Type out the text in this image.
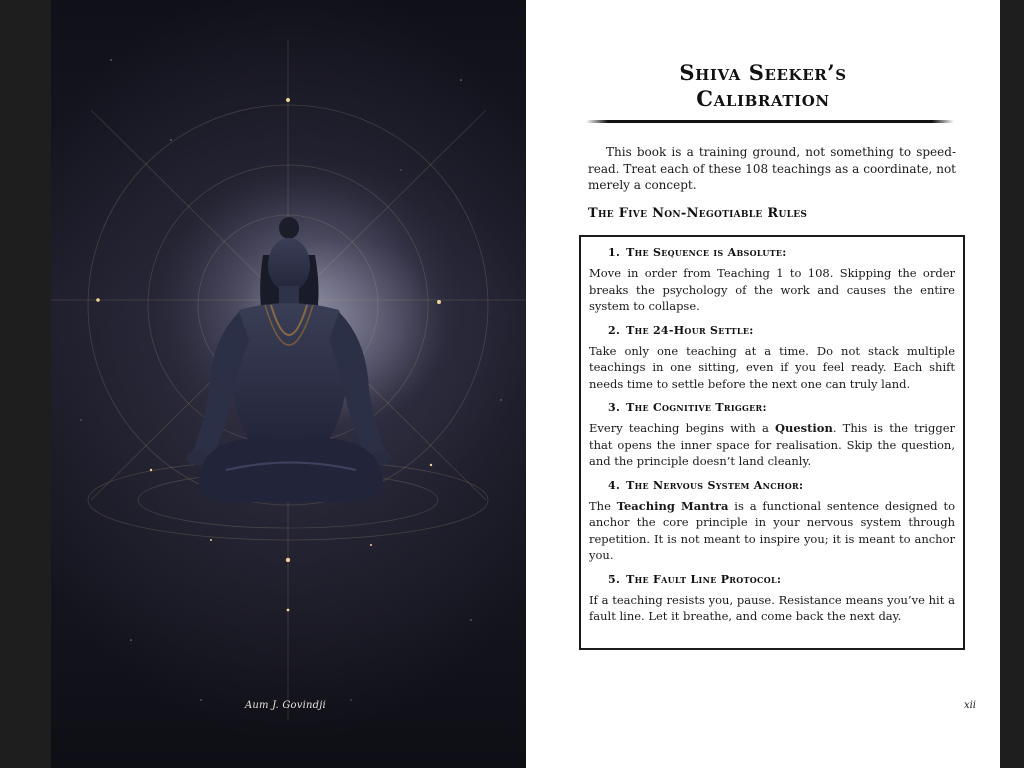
Aum J. Govindji
Shiva Seeker’s
Calibration

This book is a training ground, not something to speed-read. Treat each of these 108 teachings as a coordinate, not merely a concept.

The Five Non-Negotiable Rules
1. The Sequence is Absolute:

Move in order from Teaching 1 to 108. Skipping the order breaks the psychology of the work and causes the entire system to collapse.

2. The 24-Hour Settle:

Take only one teaching at a time. Do not stack multiple teachings in one sitting, even if you feel ready. Each shift needs time to settle before the next one can truly land.

3. The Cognitive Trigger:

Every teaching begins with a Question. This is the trigger that opens the inner space for realisation. Skip the question, and the principle doesn’t land cleanly.

4. The Nervous System Anchor:

The Teaching Mantra is a functional sentence designed to anchor the core principle in your nervous system through repetition. It is not meant to inspire you; it is meant to anchor you.

5. The Fault Line Protocol:

If a teaching resists you, pause. Resistance means you’ve hit a fault line. Let it breathe, and come back the next day.

xii
